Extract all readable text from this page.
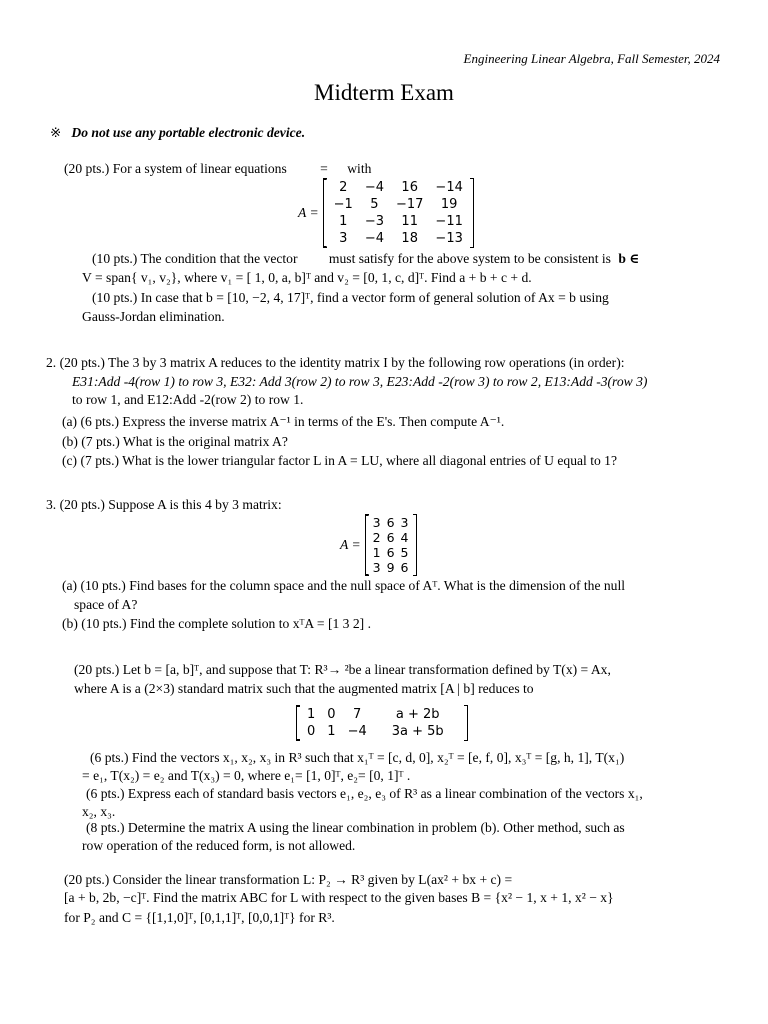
Engineering Linear Algebra, Fall Semester, 2024
Midterm Exam
※ Do not use any portable electronic device.
(20 pts.) For a system of linear equations = with
A =
2	−4	16	−14
−1	5	−17	19
1	−3	11	−11
3	−4	18	−13
(10 pts.) The condition that the vector must satisfy for the above system to be consistent is b ∈
V = span{ v₁, v₂}, where v₁ = [ 1, 0, a, b]ᵀ and v₂ = [0, 1, c, d]ᵀ. Find a + b + c + d.
(10 pts.) In case that b = [10, −2, 4, 17]ᵀ, find a vector form of general solution of Ax = b using
Gauss-Jordan elimination.
2. (20 pts.) The 3 by 3 matrix A reduces to the identity matrix I by the following row operations (in order):
E31:Add -4(row 1) to row 3, E32: Add 3(row 2) to row 3, E23:Add -2(row 3) to row 2, E13:Add -3(row 3)
to row 1, and E12:Add -2(row 2) to row 1.
(a) (6 pts.) Express the inverse matrix A⁻¹ in terms of the E's. Then compute A⁻¹.
(b) (7 pts.) What is the original matrix A?
(c) (7 pts.) What is the lower triangular factor L in A = LU, where all diagonal entries of U equal to 1?
3. (20 pts.) Suppose A is this 4 by 3 matrix:
A =
3 6 3
2 6 4
1 6 5
3 9 6
(a) (10 pts.) Find bases for the column space and the null space of Aᵀ. What is the dimension of the null
space of A?
(b) (10 pts.) Find the complete solution to xᵀA = [1 3 2] .
(20 pts.) Let b = [a, b]ᵀ, and suppose that T: R³→ ²be a linear transformation defined by T(x) = Ax,
where A is a (2×3) standard matrix such that the augmented matrix [A | b] reduces to
1 0	7	a + 2b
0 1 −4	3a + 5b
(6 pts.) Find the vectors x₁, x₂, x₃ in R³ such that x₁ᵀ = [c, d, 0], x₂ᵀ = [e, f, 0], x₃ᵀ = [g, h, 1], T(x₁)
= e₁, T(x₂) = e₂ and T(x₃) = 0, where e₁= [1, 0]ᵀ, e₂= [0, 1]ᵀ .
(6 pts.) Express each of standard basis vectors e₁, e₂, e₃ of R³ as a linear combination of the vectors x₁,
x₂, x₃.
(8 pts.) Determine the matrix A using the linear combination in problem (b). Other method, such as
row operation of the reduced form, is not allowed.
(20 pts.) Consider the linear transformation L: P₂ → R³ given by L(ax² + bx + c) =
[a + b, 2b, −c]ᵀ. Find the matrix ABC for L with respect to the given bases B = {x² − 1, x + 1, x² − x}
for P₂ and C = {[1,1,0]ᵀ, [0,1,1]ᵀ, [0,0,1]ᵀ} for R³.
